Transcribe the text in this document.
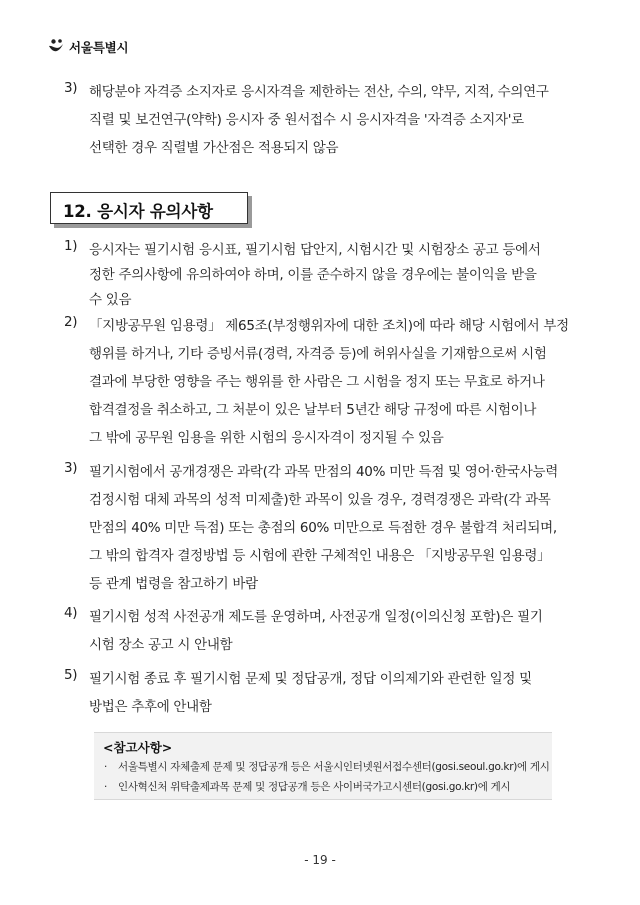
서울특별시
3) 해당분야 자격증 소지자로 응시자격을 제한하는 전산, 수의, 약무, 지적, 수의연구
직렬 및 보건연구(약학) 응시자 중 원서접수 시 응시자격을 '자격증 소지자'로
선택한 경우 직렬별 가산점은 적용되지 않음
12. 응시자 유의사항
1) 응시자는 필기시험 응시표, 필기시험 답안지, 시험시간 및 시험장소 공고 등에서
정한 주의사항에 유의하여야 하며, 이를 준수하지 않을 경우에는 불이익을 받을
수 있음
2) 「지방공무원 임용령」 제65조(부정행위자에 대한 조치)에 따라 해당 시험에서 부정
행위를 하거나, 기타 증빙서류(경력, 자격증 등)에 허위사실을 기재함으로써 시험
결과에 부당한 영향을 주는 행위를 한 사람은 그 시험을 정지 또는 무효로 하거나
합격결정을 취소하고, 그 처분이 있은 날부터 5년간 해당 규정에 따른 시험이나
그 밖에 공무원 임용을 위한 시험의 응시자격이 정지될 수 있음
3) 필기시험에서 공개경쟁은 과락(각 과목 만점의 40% 미만 득점 및 영어·한국사능력
검정시험 대체 과목의 성적 미제출)한 과목이 있을 경우, 경력경쟁은 과락(각 과목
만점의 40% 미만 득점) 또는 총점의 60% 미만으로 득점한 경우 불합격 처리되며,
그 밖의 합격자 결정방법 등 시험에 관한 구체적인 내용은 「지방공무원 임용령」
등 관계 법령을 참고하기 바람
4) 필기시험 성적 사전공개 제도를 운영하며, 사전공개 일정(이의신청 포함)은 필기
시험 장소 공고 시 안내함
5) 필기시험 종료 후 필기시험 문제 및 정답공개, 정답 이의제기와 관련한 일정 및
방법은 추후에 안내함
<참고사항>
· 서울특별시 자체출제 문제 및 정답공개 등은 서울시인터넷원서접수센터(gosi.seoul.go.kr)에 게시
· 인사혁신처 위탁출제과목 문제 및 정답공개 등은 사이버국가고시센터(gosi.go.kr)에 게시
- 19 -
